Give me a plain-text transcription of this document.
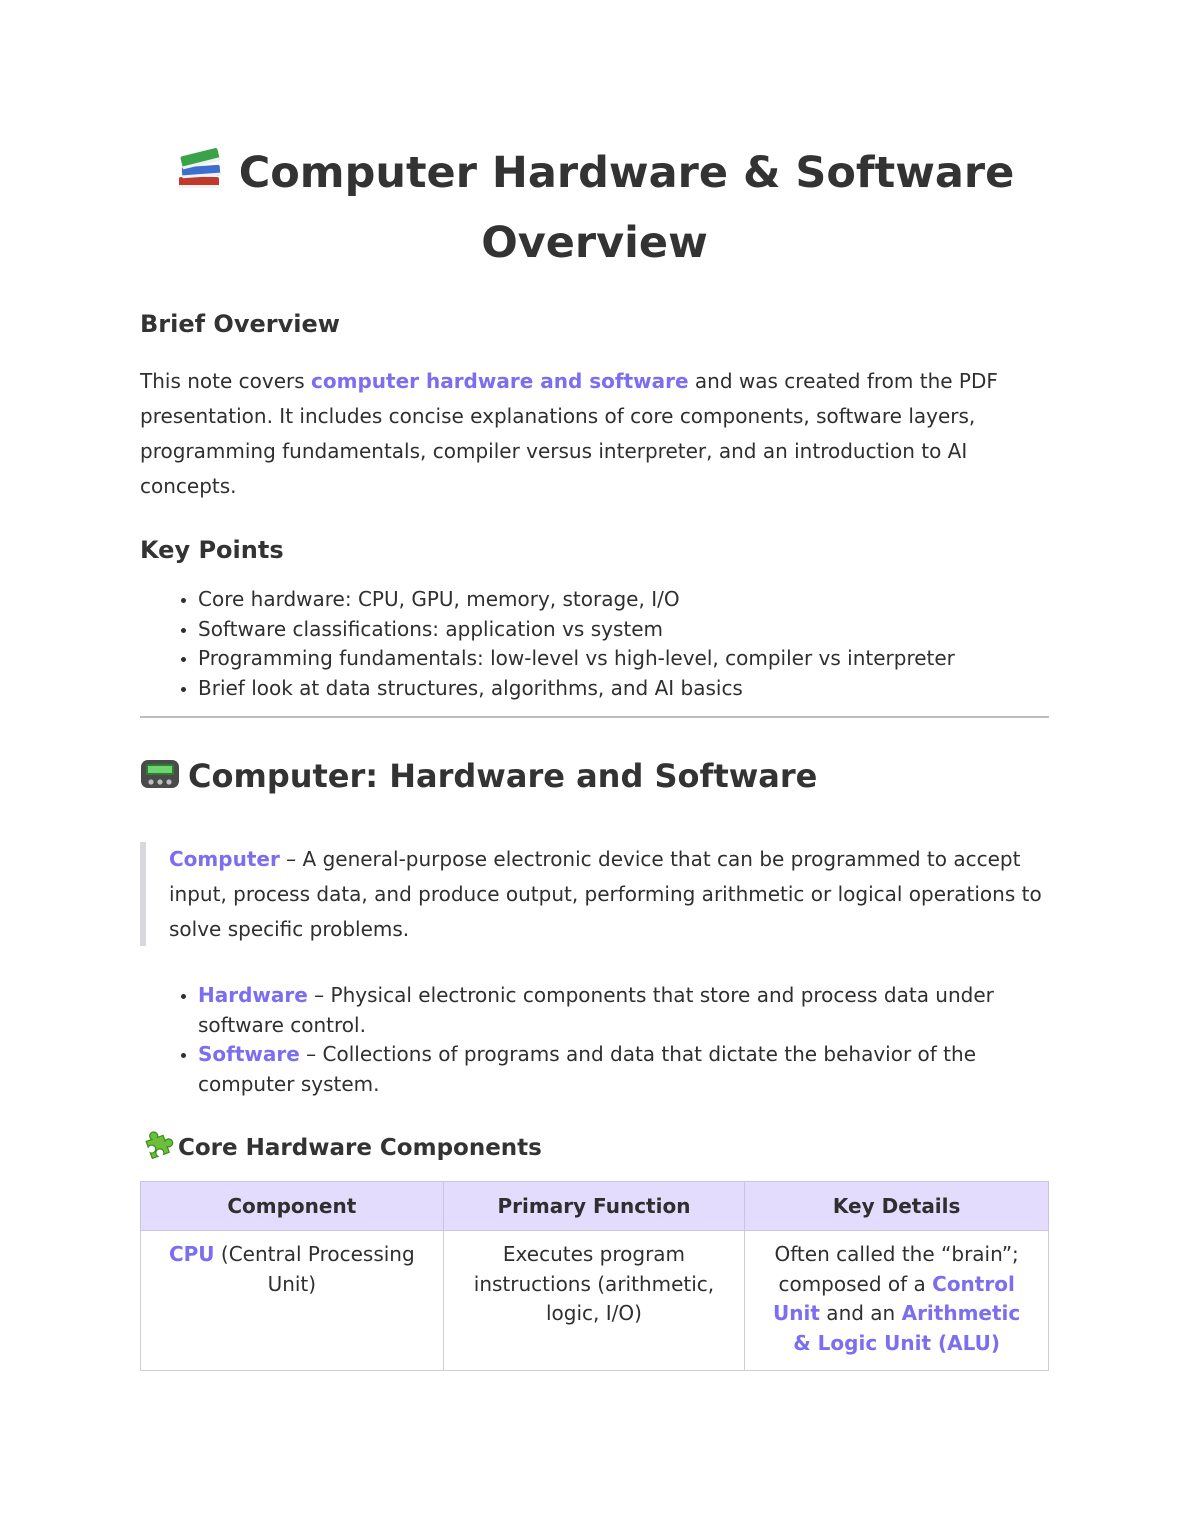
Computer Hardware & Software Overview
Brief Overview

This note covers computer hardware and software and was created from the PDF presentation. It includes concise explanations of core components, software layers, programming fundamentals, compiler versus interpreter, and an introduction to AI concepts.

Key Points
• Core hardware: CPU, GPU, memory, storage, I/O
• Software classifications: application vs system
• Programming fundamentals: low-level vs high-level, compiler vs interpreter
• Brief look at data structures, algorithms, and AI basics
Computer: Hardware and Software

Computer – A general-purpose electronic device that can be programmed to accept input, process data, and produce output, performing arithmetic or logical operations to solve specific problems.

• Hardware – Physical electronic components that store and process data under software control.
• Software – Collections of programs and data that dictate the behavior of the computer system.
Core Hardware Components
Component	Primary Function	Key Details
CPU (Central Processing Unit)	Executes program instructions (arithmetic, logic, I/O)	Often called the “brain”; composed of a Control Unit and an Arithmetic & Logic Unit (ALU)
